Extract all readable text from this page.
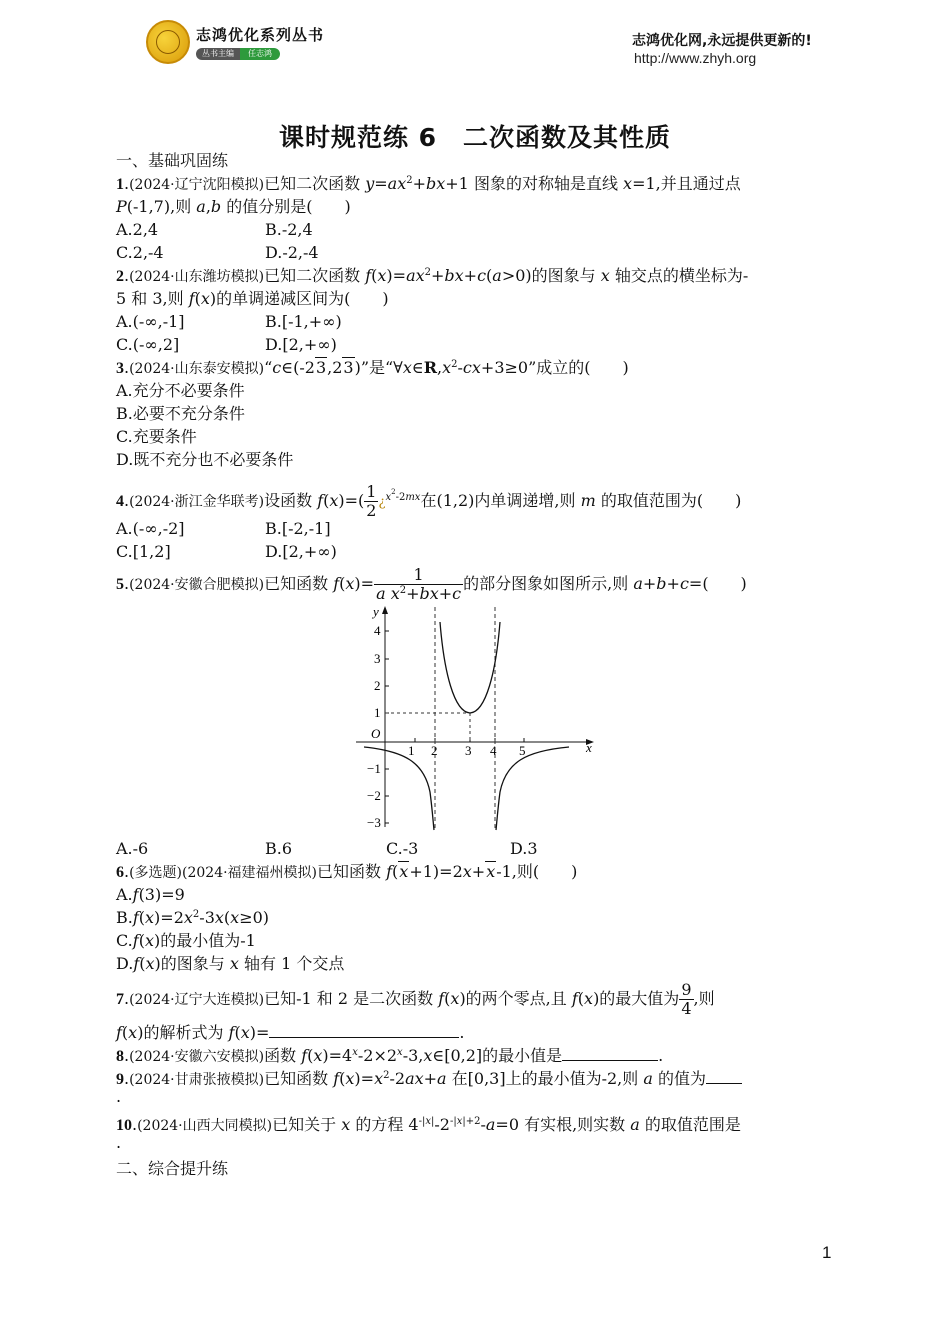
志鸿优化系列丛书
丛书主编	任志鸿
志鸿优化网,永远提供更新的!
http://www.zhyh.org
课时规范练 6　二次函数及其性质
一、基础巩固练
1.(2024·辽宁沈阳模拟)已知二次函数 $y=ax^2+bx+1$ 图象的对称轴是直线 x=1,并且通过点
P(-1,7),则 a,b 的值分别是(　　)
A.2,4	B.-2,4
C.2,-4	D.-2,-4
2.(2024·山东潍坊模拟)已知二次函数 $f(x)=ax^2+bx+c(a>0)$的图象与 x 轴交点的横坐标为-
5 和 3,则 f(x)的单调递减区间为(　　)
A.(-∞,-1]	B.[-1,+∞)
C.(-∞,2]	D.[2,+∞)
3.(2024·山东泰安模拟)“c∈(-23,23)”是“$\forall x\in R,x^2-cx+3\ge 0$”成立的(　　)
A.充分不必要条件
B.必要不充分条件
C.充要条件
D.既不充分也不必要条件
4.(2024·浙江金华联考)设函数 $f(x)=( \frac{1}{2}$ ¿$^{x^2-2mx}$在(1,2)内单调递增,则 m 的取值范围为(　　)
A.(-∞,-2]	B.[-2,-1]
C.[1,2]	D.[2,+∞)
5.(2024·安徽合肥模拟)已知函数 $f(x)= \frac{1}{a x^2+bx+c}$ 的部分图象如图所示,则 a+b+c=(　　)
A.-6	B.6	C.-3	D.3
6.(多选题)(2024·福建福州模拟)已知函数 f(x+1)=2x+x-1,则(　　)
A.f(3)=9
$B.f(x)=2x^2-3x(x\ge 0)$
C.f(x)的最小值为-1
D.f(x)的图象与 x 轴有 1 个交点
7.(2024·辽宁大连模拟)已知-1 和 2 是二次函数 f(x)的两个零点,且 f(x)的最大值为 $\frac{9}{4}$ ,则
f(x)的解析式为 f(x)=	.
8.(2024·安徽六安模拟)函数 $f(x)=4^x-2\times 2^x-3,x\in[0,2]$的最小值是	.
9.(2024·甘肃张掖模拟)已知函数 $f(x)=x^2-2ax+a$ 在[0,3]上的最小值为-2,则 a 的值为
.
10.(2024·山西大同模拟)已知关于 x 的方程 $4^{-|x|}-2^{-|x|+2}-a=0$ 有实根,则实数 a 的取值范围是
.
二、综合提升练
x
y
O
1 2 3 4 5
4
3
2
1
−1
−2
−3
1
